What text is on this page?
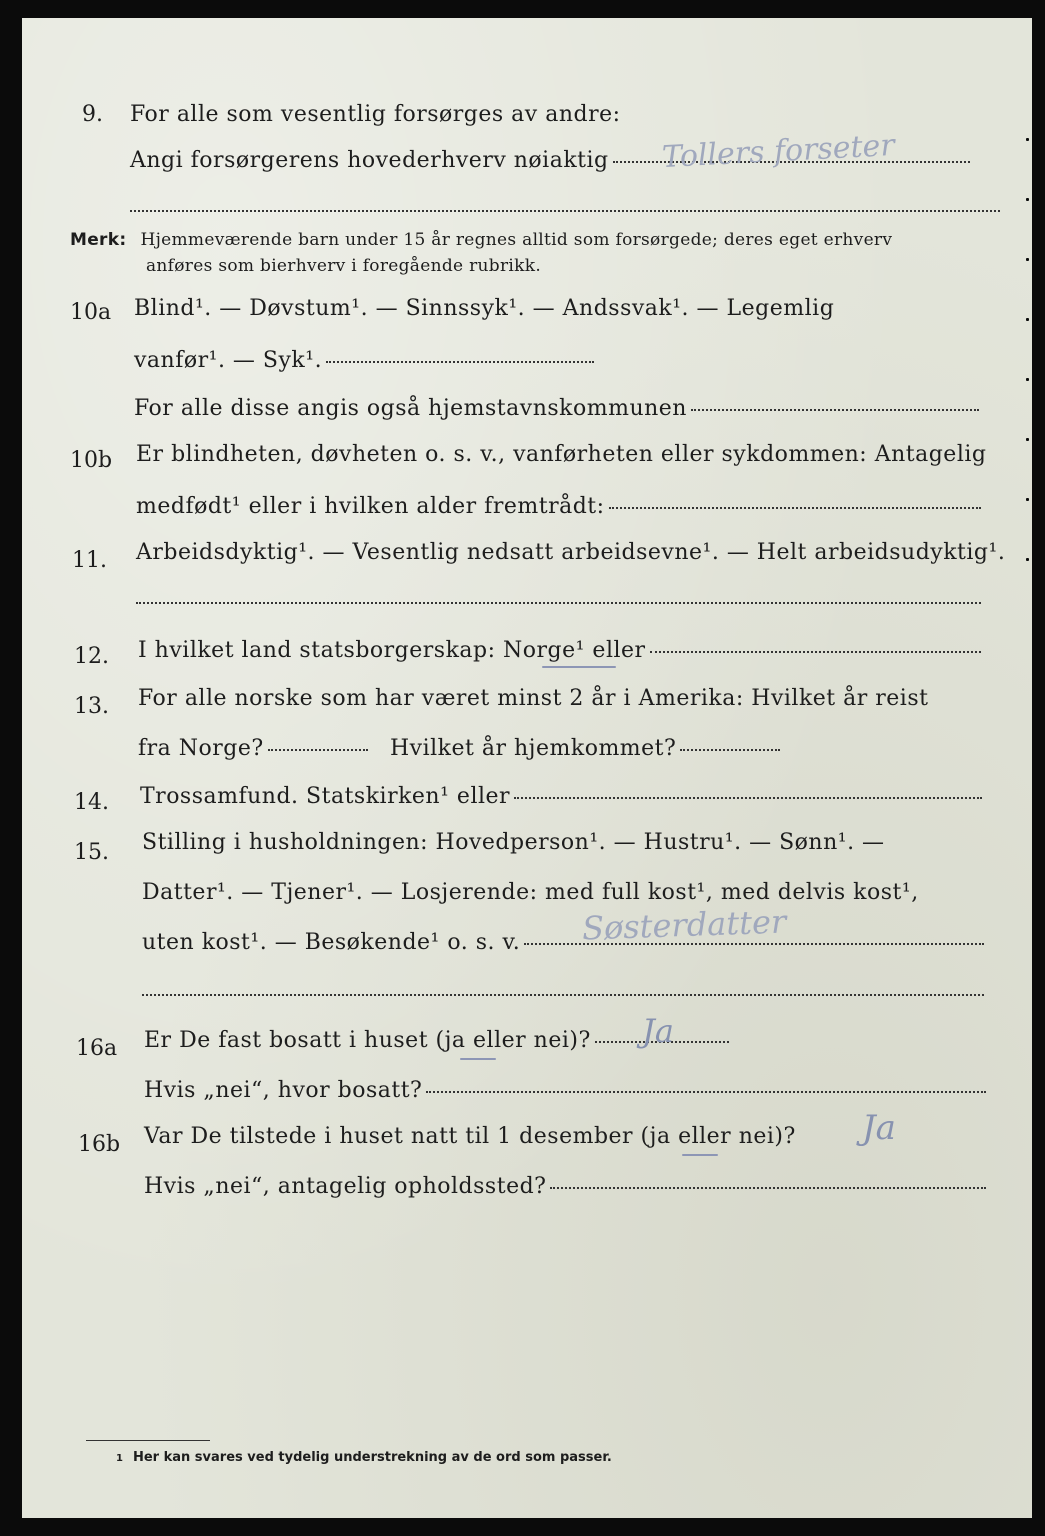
9. For alle som vesentlig forsørges av andre:
Angi forsørgerens hovederhverv nøiaktig Tollers forseter
Merk: Hjemmeværende barn under 15 år regnes alltid som forsørgede; deres eget erhverv
anføres som bierhverv i foregående rubrikk.
10a Blind¹. — Døvstum¹. — Sinnssyk¹. — Andssvak¹. — Legemlig
vanfør¹. — Syk¹.
For alle disse angis også hjemstavnskommunen
10b Er blindheten, døvheten o. s. v., vanførheten eller sykdommen: Antagelig
medfødt¹ eller i hvilken alder fremtrådt:
11. Arbeidsdyktig¹. — Vesentlig nedsatt arbeidsevne¹. — Helt arbeidsudyktig¹.
12. I hvilket land statsborgerskap: Norge¹ eller
13. For alle norske som har været minst 2 år i Amerika: Hvilket år reist
fra Norge?	Hvilket år hjemkommet?
14. Trossamfund. Statskirken¹ eller
15. Stilling i husholdningen: Hovedperson¹. — Hustru¹. — Sønn¹. —
Datter¹. — Tjener¹. — Losjerende: med full kost¹, med delvis kost¹,
uten kost¹. — Besøkende¹ o. s. v. Søsterdatter
16a Er De fast bosatt i huset (ja eller nei)? Ja
Hvis „nei“, hvor bosatt?
16b Var De tilstede i huset natt til 1 desember (ja eller nei)? Ja
Hvis „nei“, antagelig opholdssted?
1 Her kan svares ved tydelig understrekning av de ord som passer.
